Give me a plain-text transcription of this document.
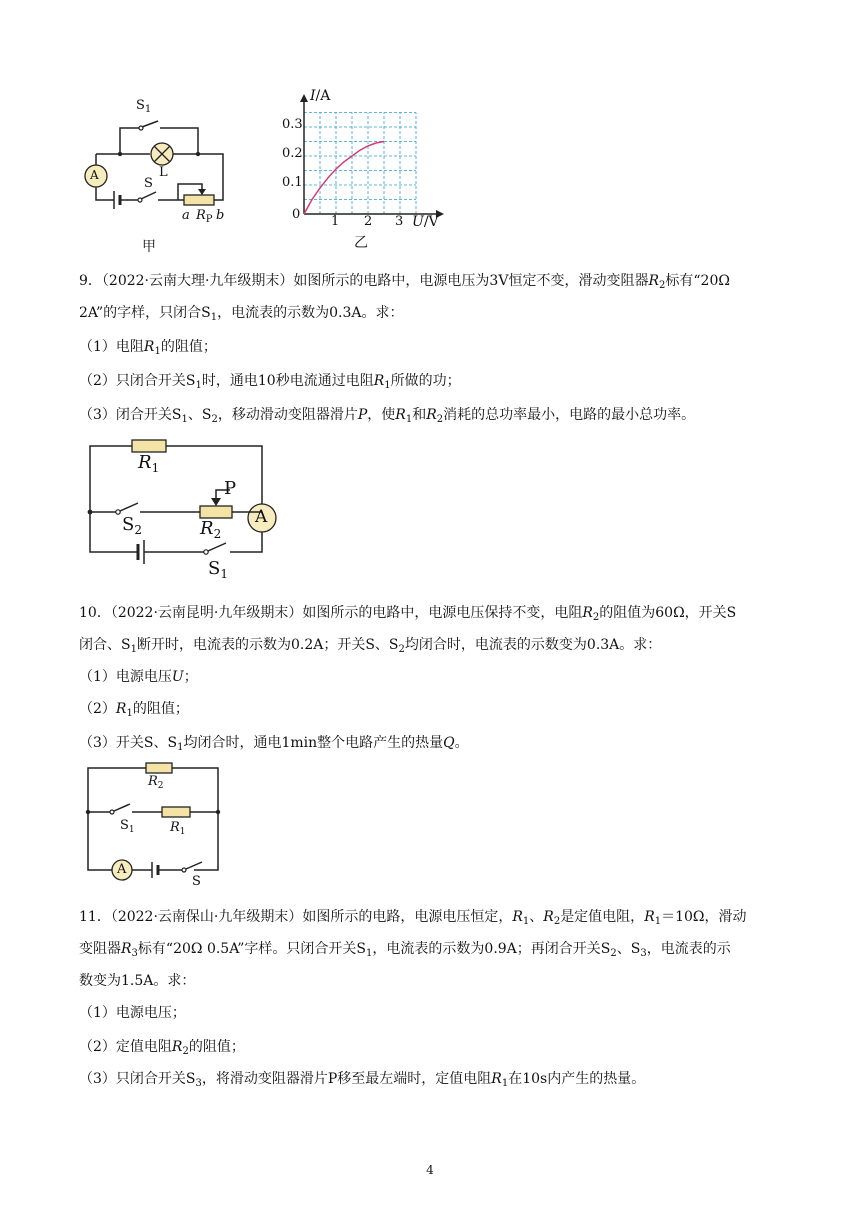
$S_1$
L
A
S
a $R_P$ b
甲
I/A
U/V
0
0.1
0.2
0.3
1 2 3
乙
9．（2022·云南大理·九年级期末）如图所示的电路中，电源电压为3V恒定不变，滑动变阻器$R_2$标有“20Ω
2A”的字样，只闭合$S_1$，电流表的示数为0.3A。求：
（1）电阻$R_1$的阻值；
（2）只闭合开关$S_1$时，通电10秒电流通过电阻$R_1$所做的功；
（3）闭合开关$S_1$、$S_2$，移动滑动变阻器滑片P，使$R_1$和$R_2$消耗的总功率最小，电路的最小总功率。
$R_1$
$S_2$	$R_2$
P
A
$S_1$
10．（2022·云南昆明·九年级期末）如图所示的电路中，电源电压保持不变，电阻$R_2$的阻值为60Ω，开关S
闭合、$S_1$断开时，电流表的示数为0.2A；开关S、$S_2$均闭合时，电流表的示数变为0.3A。求：
（1）电源电压U；
$(2)R_1$的阻值；
（3）开关S、$S_1$均闭合时，通电1min整个电路产生的热量Q。
$R_2$
$S_1$	$R_1$
A
S
11．（2022·云南保山·九年级期末）如图所示的电路，电源电压恒定，$R_1$、$R_2$是定值电阻，$R_1=10\Omega$，滑动
变阻器$R_3$标有“20Ω 0.5A”字样。只闭合开关$S_1$，电流表的示数为0.9A；再闭合开关$S_2$、$S_3$，电流表的示
数变为1.5A。求：
（1）电源电压；
（2）定值电阻$R_2$的阻值；
（3）只闭合开关$S_3$，将滑动变阻器滑片P移至最左端时，定值电阻$R_1$在10s内产生的热量。
4
